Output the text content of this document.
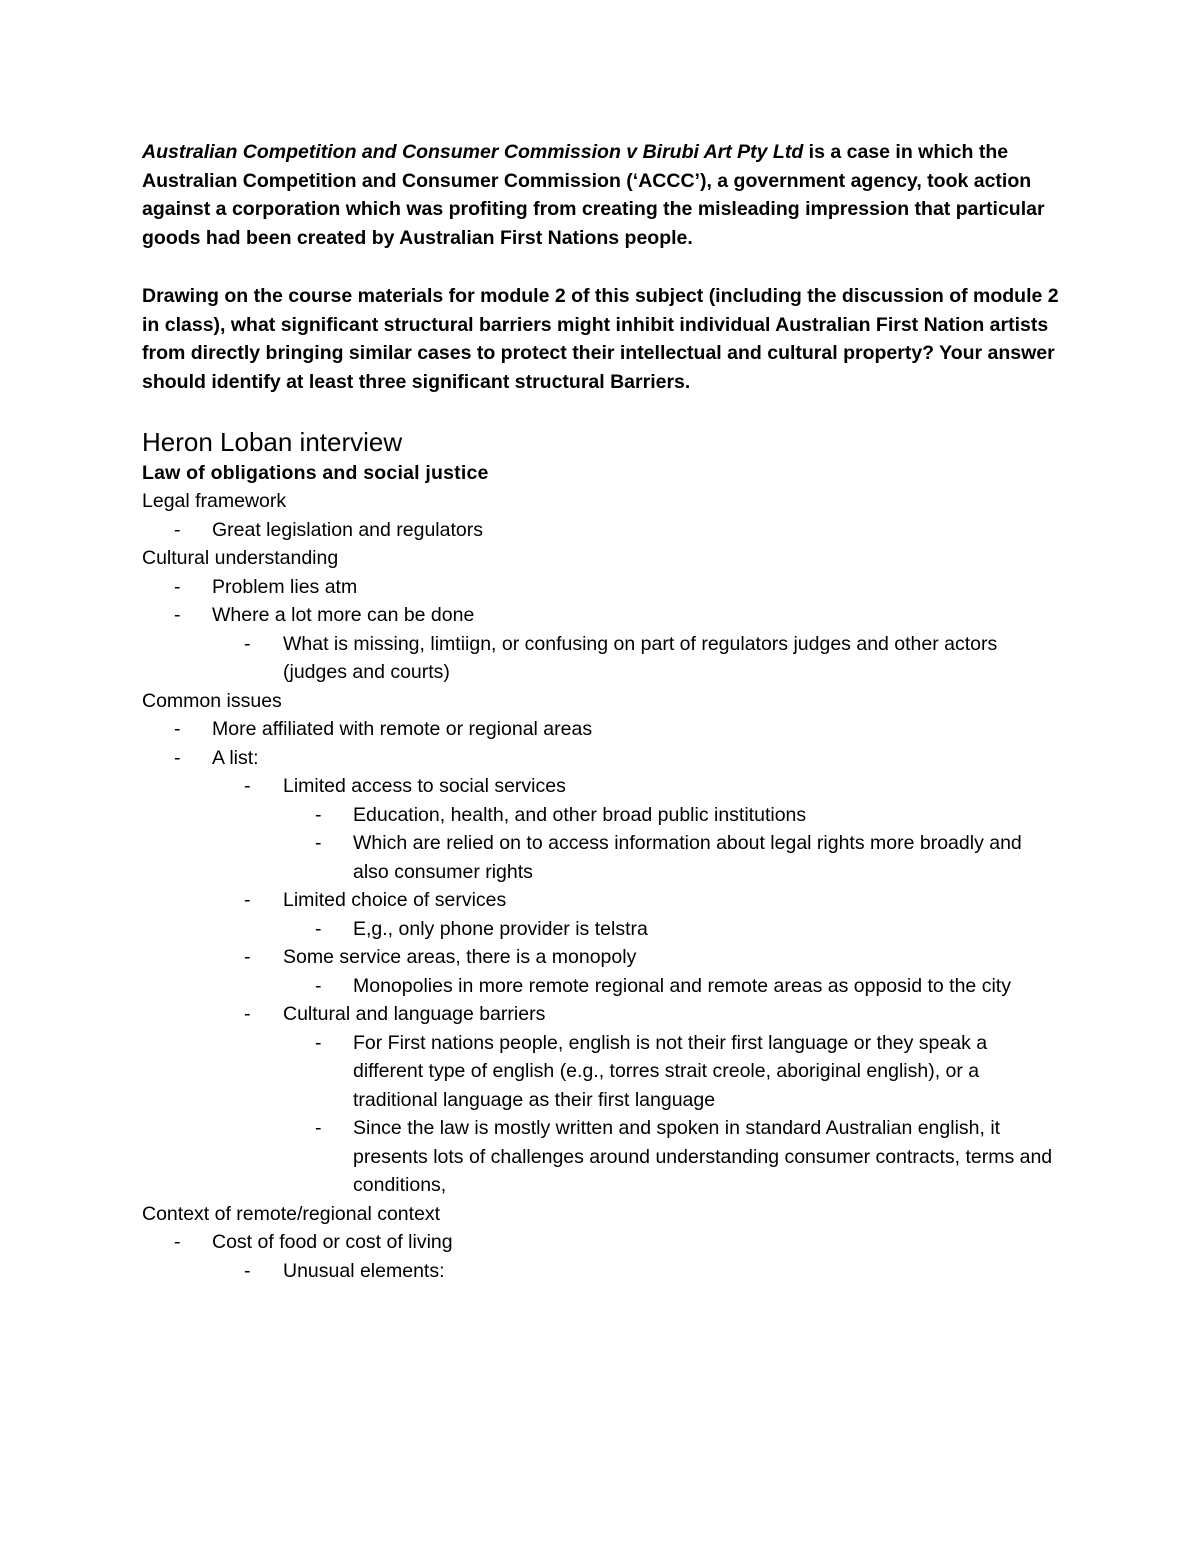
Australian Competition and Consumer Commission v Birubi Art Pty Ltd is a case in which the Australian Competition and Consumer Commission (‘ACCC’), a government agency, took action against a corporation which was profiting from creating the misleading impression that particular goods had been created by Australian First Nations people.

Drawing on the course materials for module 2 of this subject (including the discussion of module 2 in class), what significant structural barriers might inhibit individual Australian First Nation artists from directly bringing similar cases to protect their intellectual and cultural property? Your answer should identify at least three significant structural Barriers.

Heron Loban interview
Law of obligations and social justice
Legal framework
-	Great legislation and regulators
Cultural understanding
-	Problem lies atm
-	Where a lot more can be done
-	What is missing, limtiign, or confusing on part of regulators judges and other actors (judges and courts)
Common issues
-	More affiliated with remote or regional areas
-	A list:
-	Limited access to social services
-	Education, health, and other broad public institutions
-	Which are relied on to access information about legal rights more broadly and also consumer rights
-	Limited choice of services
-	E,g., only phone provider is telstra
-	Some service areas, there is a monopoly
-	Monopolies in more remote regional and remote areas as opposid to the city
-	Cultural and language barriers
-	For First nations people, english is not their first language or they speak a different type of english (e.g., torres strait creole, aboriginal english), or a traditional language as their first language
-	Since the law is mostly written and spoken in standard Australian english, it presents lots of challenges around understanding consumer contracts, terms and conditions,
Context of remote/regional context
-	Cost of food or cost of living
-	Unusual elements:
